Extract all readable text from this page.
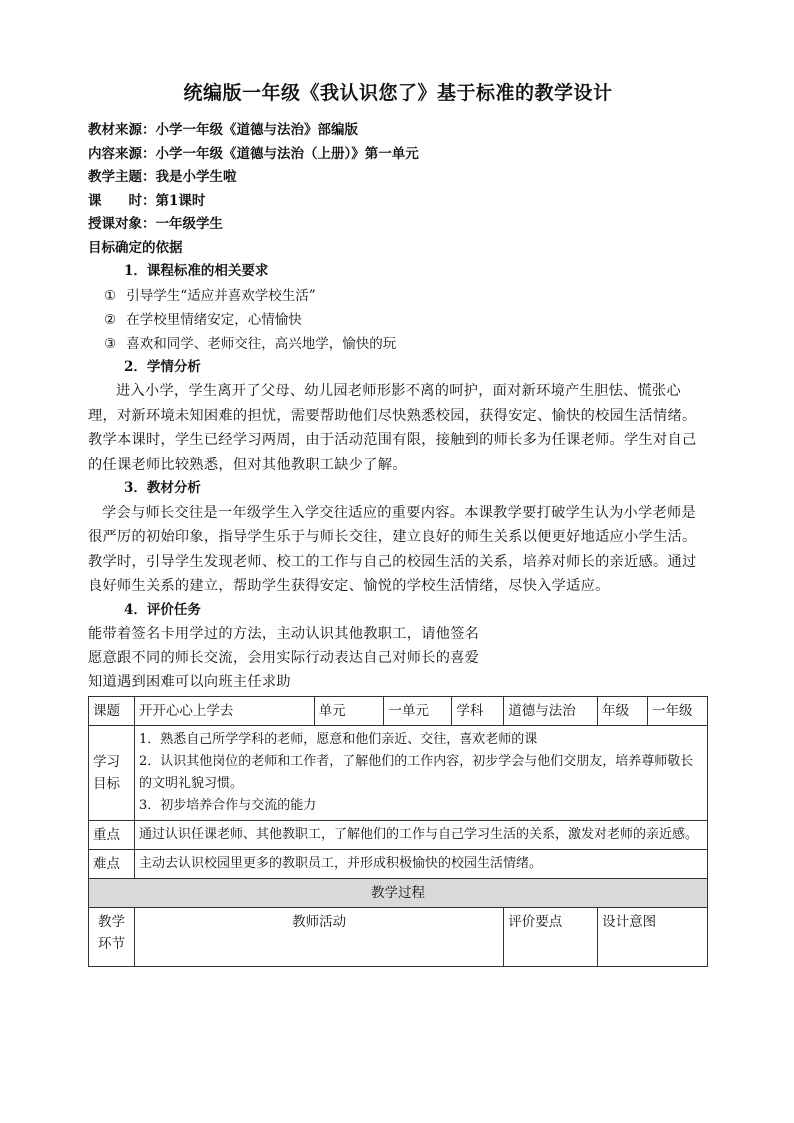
统编版一年级《我认识您了》基于标准的教学设计
教材来源：小学一年级《道德与法治》部编版
内容来源：小学一年级《道德与法治（上册）》第一单元
教学主题：我是小学生啦
课　　时：第1课时
授课对象：一年级学生
目标确定的依据
1．课程标准的相关要求
① 引导学生“适应并喜欢学校生活”
② 在学校里情绪安定，心情愉快
③ 喜欢和同学、老师交往，高兴地学，愉快的玩
2．学情分析

进入小学，学生离开了父母、幼儿园老师形影不离的呵护，面对新环境产生胆怯、慌张心理，对新环境未知困难的担忧，需要帮助他们尽快熟悉校园，获得安定、愉快的校园生活情绪。教学本课时，学生已经学习两周，由于活动范围有限，接触到的师长多为任课老师。学生对自己的任课老师比较熟悉，但对其他教职工缺少了解。

3．教材分析

学会与师长交往是一年级学生入学交往适应的重要内容。本课教学要打破学生认为小学老师是很严厉的初始印象，指导学生乐于与师长交往，建立良好的师生关系以便更好地适应小学生活。教学时，引导学生发现老师、校工的工作与自己的校园生活的关系，培养对师长的亲近感。通过良好师生关系的建立，帮助学生获得安定、愉悦的学校生活情绪，尽快入学适应。

4．评价任务
能带着签名卡用学过的方法，主动认识其他教职工，请他签名
愿意跟不同的师长交流，会用实际行动表达自己对师长的喜爱
知道遇到困难可以向班主任求助
课题	开开心心上学去	单元	一单元	学科	道德与法治	年级	一年级
学习目标	1．熟悉自己所学学科的老师，愿意和他们亲近、交往，喜欢老师的课
2．认识其他岗位的老师和工作者，了解他们的工作内容，初步学会与他们交朋友，培养尊师敬长的文明礼貌习惯。
3．初步培养合作与交流的能力						

重点	通过认识任课老师、其他教职工，了解他们的工作与自己学习生活的关系，激发对老师的亲近感。						
难点	主动去认识校园里更多的教职员工，并形成积极愉快的校园生活情绪。						
教学过程							
教学环节	教师活动				评价要点	设计意图	
